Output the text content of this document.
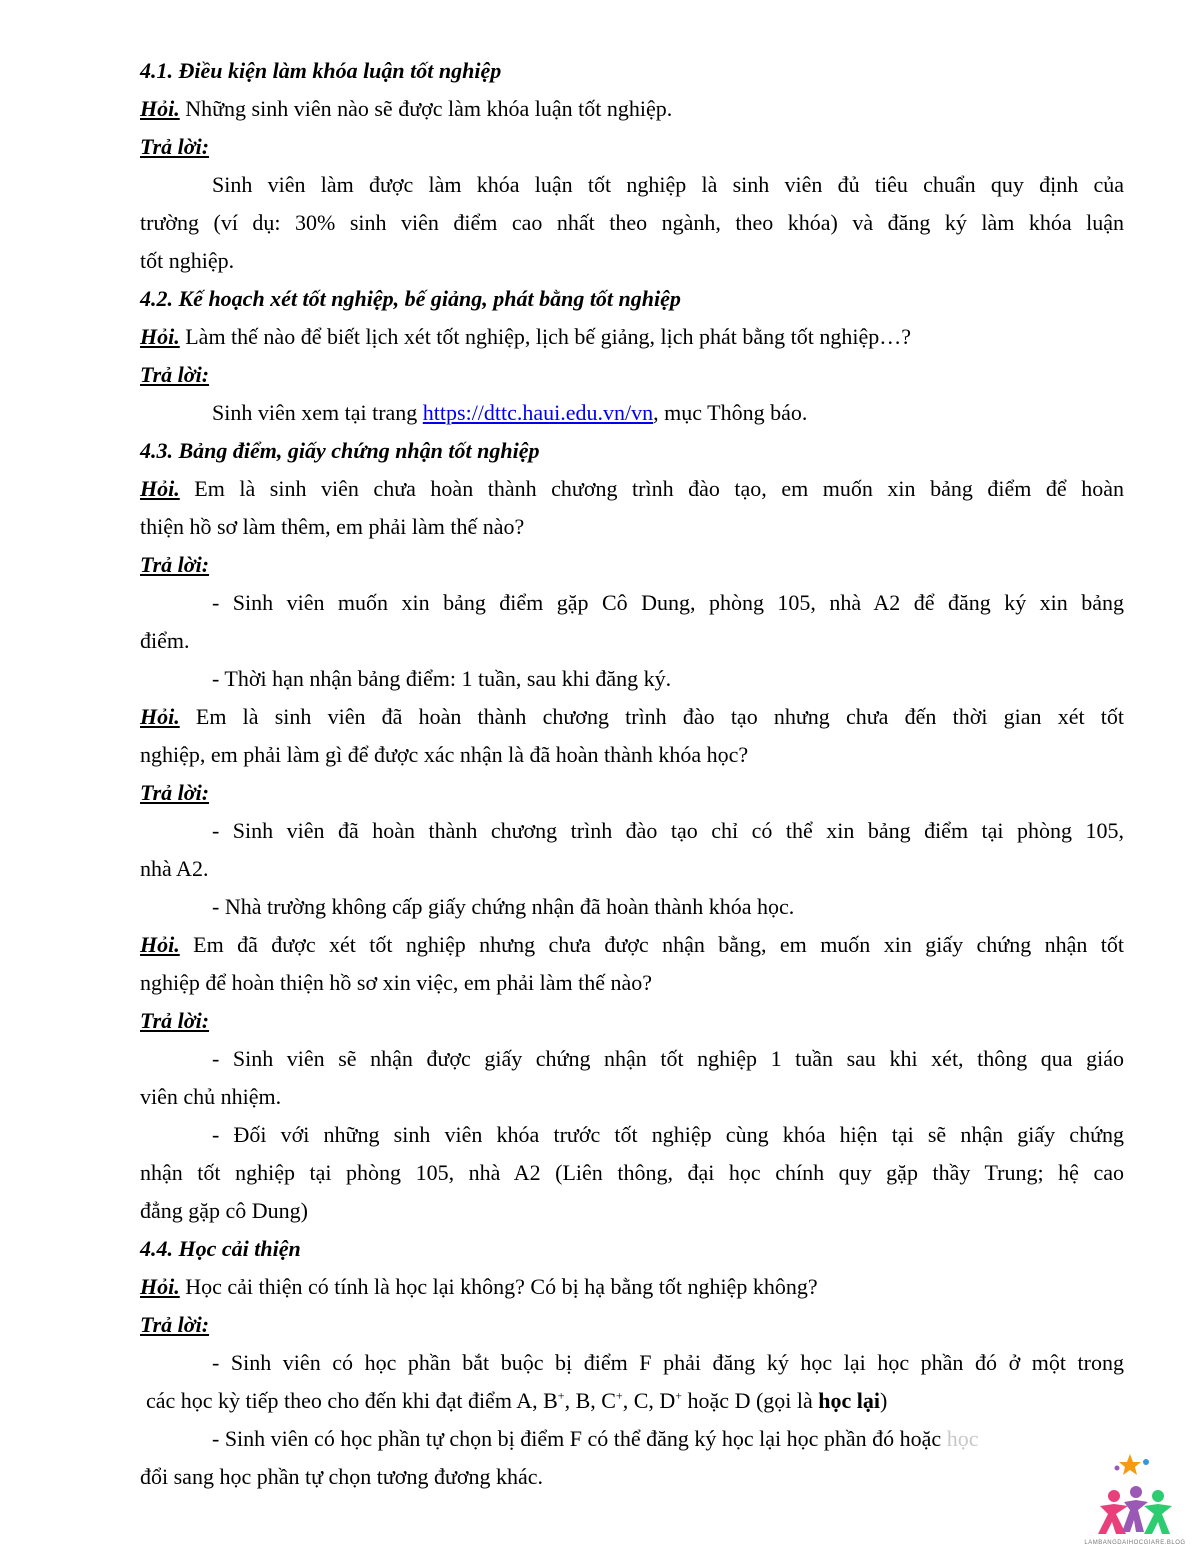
4.1. Điều kiện làm khóa luận tốt nghiệp
Hỏi. Những sinh viên nào sẽ được làm khóa luận tốt nghiệp.
Trả lời:
Sinh viên làm được làm khóa luận tốt nghiệp là sinh viên đủ tiêu chuẩn quy định của
trường (ví dụ: 30% sinh viên điểm cao nhất theo ngành, theo khóa) và đăng ký làm khóa luận
tốt nghiệp.
4.2. Kế hoạch xét tốt nghiệp, bế giảng, phát bằng tốt nghiệp
Hỏi. Làm thế nào để biết lịch xét tốt nghiệp, lịch bế giảng, lịch phát bằng tốt nghiệp…?
Trả lời:
Sinh viên xem tại trang https://dttc.haui.edu.vn/vn, mục Thông báo.
4.3. Bảng điểm, giấy chứng nhận tốt nghiệp
Hỏi. Em là sinh viên chưa hoàn thành chương trình đào tạo, em muốn xin bảng điểm để hoàn
thiện hồ sơ làm thêm, em phải làm thế nào?
Trả lời:
- Sinh viên muốn xin bảng điểm gặp Cô Dung, phòng 105, nhà A2 để đăng ký xin bảng
điểm.
- Thời hạn nhận bảng điểm: 1 tuần, sau khi đăng ký.
Hỏi. Em là sinh viên đã hoàn thành chương trình đào tạo nhưng chưa đến thời gian xét tốt
nghiệp, em phải làm gì để được xác nhận là đã hoàn thành khóa học?
Trả lời:
- Sinh viên đã hoàn thành chương trình đào tạo chỉ có thể xin bảng điểm tại phòng 105,
nhà A2.
- Nhà trường không cấp giấy chứng nhận đã hoàn thành khóa học.
Hỏi. Em đã được xét tốt nghiệp nhưng chưa được nhận bằng, em muốn xin giấy chứng nhận tốt
nghiệp để hoàn thiện hồ sơ xin việc, em phải làm thế nào?
Trả lời:
- Sinh viên sẽ nhận được giấy chứng nhận tốt nghiệp 1 tuần sau khi xét, thông qua giáo
viên chủ nhiệm.
- Đối với những sinh viên khóa trước tốt nghiệp cùng khóa hiện tại sẽ nhận giấy chứng
nhận tốt nghiệp tại phòng 105, nhà A2 (Liên thông, đại học chính quy gặp thầy Trung; hệ cao
đẳng gặp cô Dung)
4.4. Học cải thiện
Hỏi. Học cải thiện có tính là học lại không? Có bị hạ bằng tốt nghiệp không?
Trả lời:
- Sinh viên có học phần bắt buộc bị điểm F phải đăng ký học lại học phần đó ở một trong
các học kỳ tiếp theo cho đến khi đạt điểm A, B+, B, C+, C, D+ hoặc D (gọi là học lại)
- Sinh viên có học phần tự chọn bị điểm F có thể đăng ký học lại học phần đó hoặc học
đổi sang học phần tự chọn tương đương khác.
LAMBANGDAIHOCGIARE.BLOG
